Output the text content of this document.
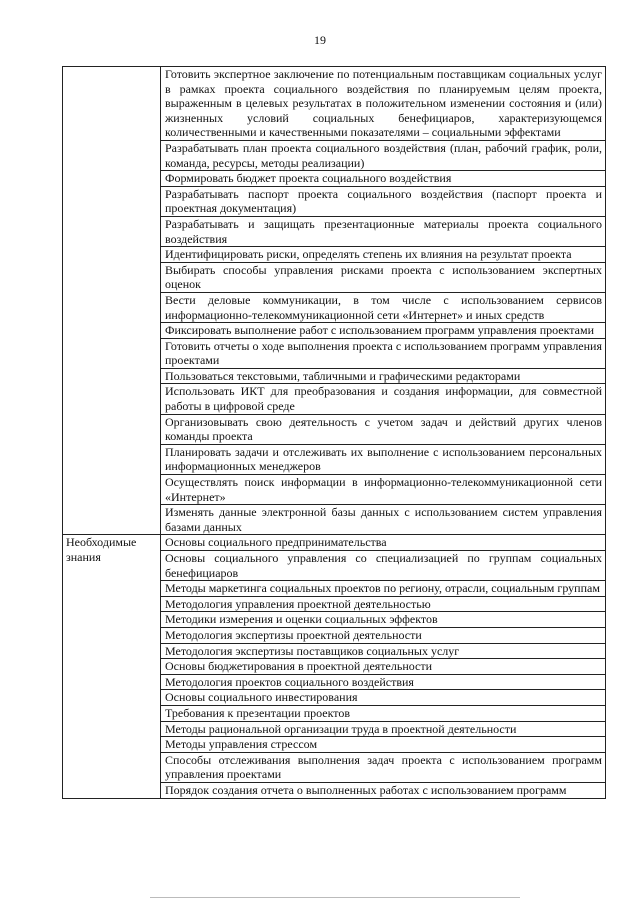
19
	Готовить экспертное заключение по потенциальным поставщикам социальных услуг в рамках проекта социального воздействия по планируемым целям проекта, выраженным в целевых результатах в положительном изменении состояния и (или) жизненных условий социальных бенефициаров, характеризующемся количественными и качественными показателями – социальными эффектами
	Разрабатывать план проекта социального воздействия (план, рабочий график, роли, команда, ресурсы, методы реализации)
	Формировать бюджет проекта социального воздействия
	Разрабатывать паспорт проекта социального воздействия (паспорт проекта и проектная документация)
	Разрабатывать и защищать презентационные материалы проекта социального воздействия
	Идентифицировать риски, определять степень их влияния на результат проекта
	Выбирать способы управления рисками проекта с использованием экспертных оценок
	Вести деловые коммуникации, в том числе с использованием сервисов информационно-телекоммуникационной сети «Интернет» и иных средств
	Фиксировать выполнение работ с использованием программ управления проектами
	Готовить отчеты о ходе выполнения проекта с использованием программ управления проектами
	Пользоваться текстовыми, табличными и графическими редакторами
	Использовать ИКТ для преобразования и создания информации, для совместной работы в цифровой среде
	Организовывать свою деятельность с учетом задач и действий других членов команды проекта
	Планировать задачи и отслеживать их выполнение с использованием персональных информационных менеджеров
	Осуществлять поиск информации в информационно-телекоммуникационной сети «Интернет»
	Изменять данные электронной базы данных с использованием систем управления базами данных
Необходимые знания	Основы социального предпринимательства
	Основы социального управления со специализацией по группам социальных бенефициаров
	Методы маркетинга социальных проектов по региону, отрасли, социальным группам
	Методология управления проектной деятельностью
	Методики измерения и оценки социальных эффектов
	Методология экспертизы проектной деятельности
	Методология экспертизы поставщиков социальных услуг
	Основы бюджетирования в проектной деятельности
	Методология проектов социального воздействия
	Основы социального инвестирования
	Требования к презентации проектов
	Методы рациональной организации труда в проектной деятельности
	Методы управления стрессом
	Способы отслеживания выполнения задач проекта с использованием программ управления проектами
	Порядок создания отчета о выполненных работах с использованием программ
